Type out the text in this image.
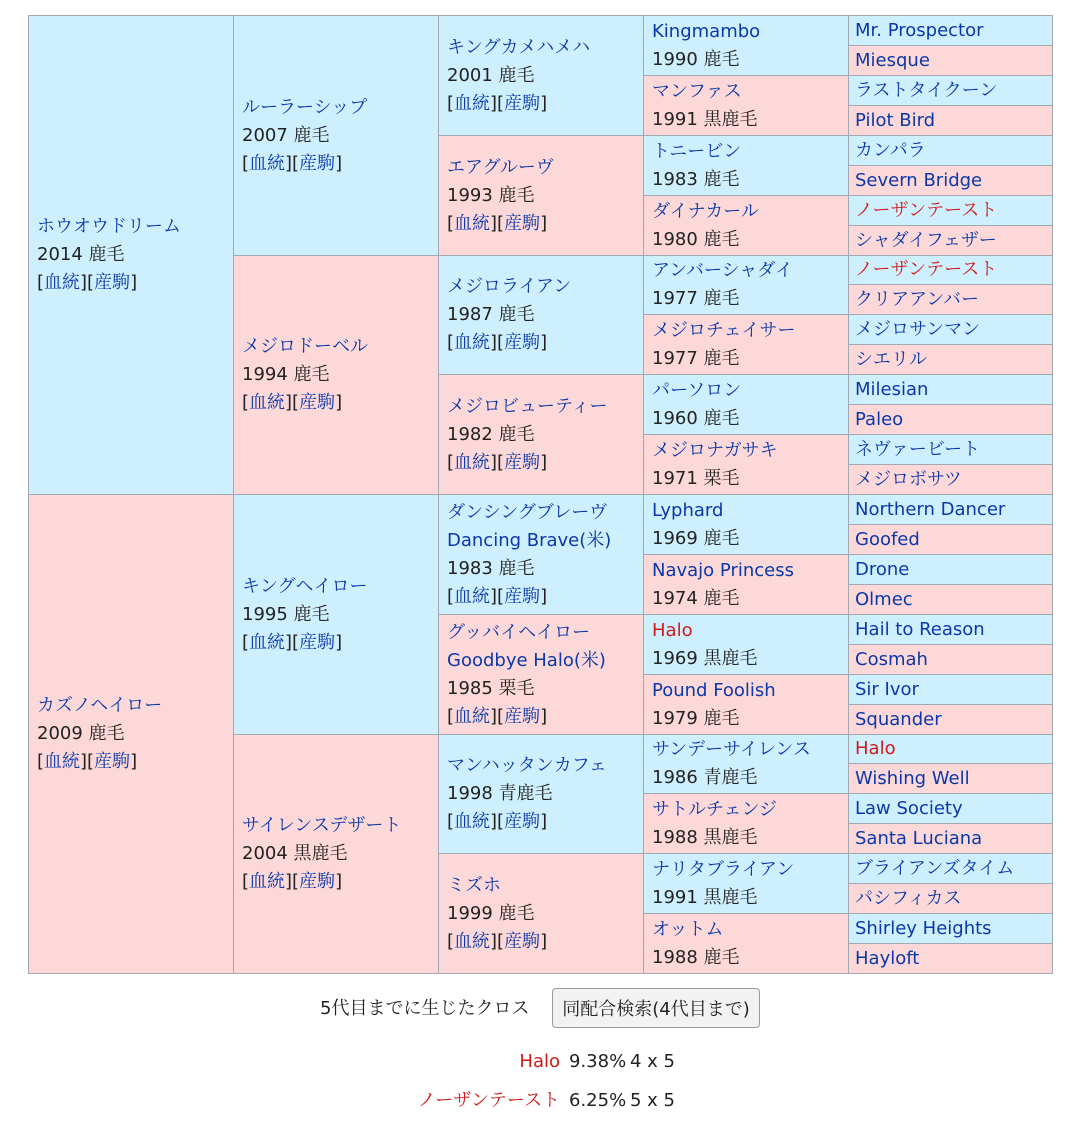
ホウオウドリーム
2014 鹿毛
[血統][産駒]
カズノヘイロー
2009 鹿毛
[血統][産駒]
ルーラーシップ
2007 鹿毛
[血統][産駒]
メジロドーベル
1994 鹿毛
[血統][産駒]
キングヘイロー
1995 鹿毛
[血統][産駒]
サイレンスデザート
2004 黒鹿毛
[血統][産駒]
キングカメハメハ
2001 鹿毛
[血統][産駒]
エアグルーヴ
1993 鹿毛
[血統][産駒]
メジロライアン
1987 鹿毛
[血統][産駒]
メジロビューティー
1982 鹿毛
[血統][産駒]
ダンシングブレーヴ
Dancing Brave(米)
1983 鹿毛
[血統][産駒]
グッバイヘイロー
Goodbye Halo(米)
1985 栗毛
[血統][産駒]
マンハッタンカフェ
1998 青鹿毛
[血統][産駒]
ミズホ
1999 鹿毛
[血統][産駒]
Kingmambo
1990 鹿毛
マンファス
1991 黒鹿毛
トニービン
1983 鹿毛
ダイナカール
1980 鹿毛
アンバーシャダイ
1977 鹿毛
メジロチェイサー
1977 鹿毛
パーソロン
1960 鹿毛
メジロナガサキ
1971 栗毛
Lyphard
1969 鹿毛
Navajo Princess
1974 鹿毛
Halo
1969 黒鹿毛
Pound Foolish
1979 鹿毛
サンデーサイレンス
1986 青鹿毛
サトルチェンジ
1988 黒鹿毛
ナリタブライアン
1991 黒鹿毛
オットム
1988 鹿毛
Mr. Prospector
Miesque
ラストタイクーン
Pilot Bird
カンパラ
Severn Bridge
ノーザンテースト
シャダイフェザー
ノーザンテースト
クリアアンバー
メジロサンマン
シエリル
Milesian
Paleo
ネヴァービート
メジロボサツ
Northern Dancer
Goofed
Drone
Olmec
Hail to Reason
Cosmah
Sir Ivor
Squander
Halo
Wishing Well
Law Society
Santa Luciana
ブライアンズタイム
パシフィカス
Shirley Heights
Hayloft
5代目までに生じたクロス	同配合検索(4代目まで)
Halo 9.38% 4 x 5
ノーザンテースト 6.25% 5 x 5
